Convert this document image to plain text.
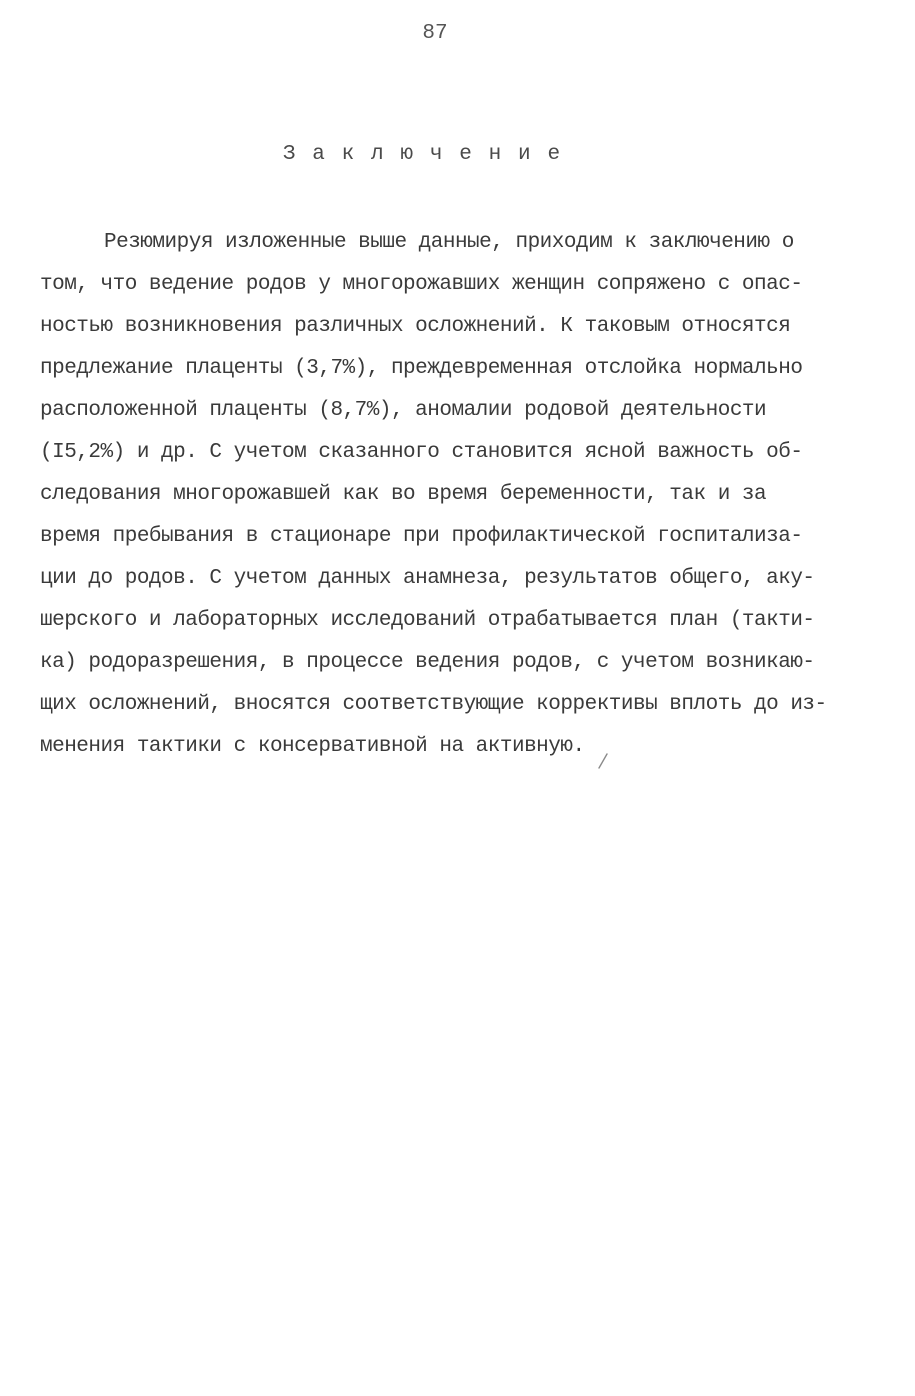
87
З а к л ю ч е н и е
Резюмируя изложенные выше данные, приходим к заключению о
том, что ведение родов у многорожавших женщин сопряжено с опас-
ностью возникновения различных осложнений. К таковым относятся
предлежание плаценты (3,7%), преждевременная отслойка нормально
расположенной плаценты (8,7%), аномалии родовой деятельности
(I5,2%) и др. С учетом сказанного становится ясной важность об-
следования многорожавшей как во время беременности, так и за
время пребывания в стационаре при профилактической госпитализа-
ции до родов. С учетом данных анамнеза, результатов общего, аку-
шерского и лабораторных исследований отрабатывается план (такти-
ка) родоразрешения, в процессе ведения родов, с учетом возникаю-
щих осложнений, вносятся соответствующие коррективы вплоть до из-
менения тактики с консервативной на активную.
